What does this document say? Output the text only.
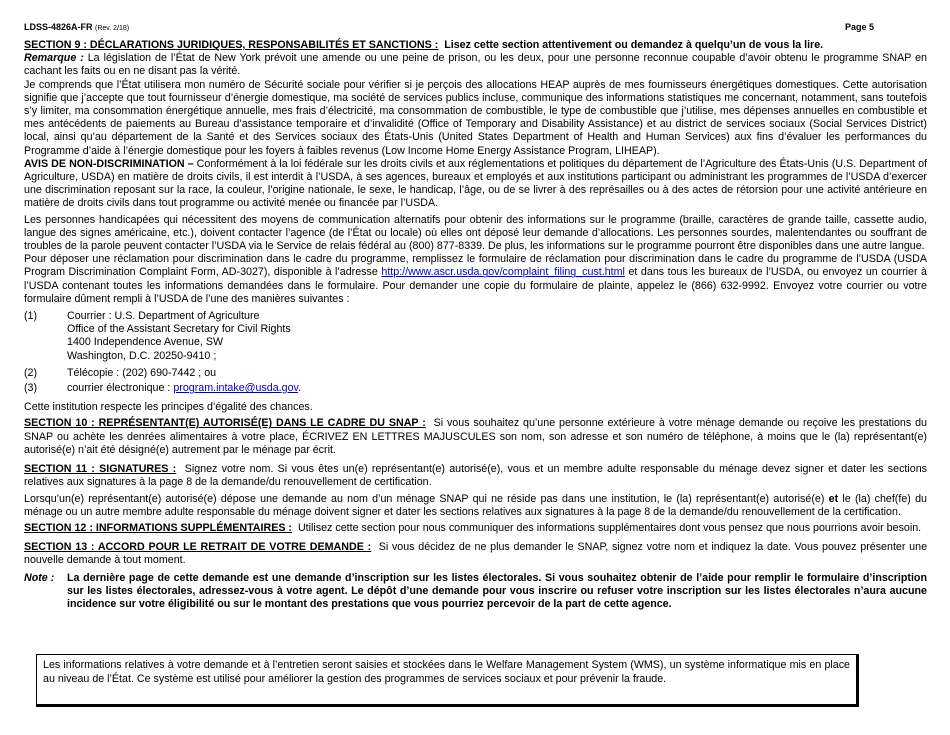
LDSS-4826A-FR (Rev. 2/18)	Page 5

SECTION 9 : DÉCLARATIONS JURIDIQUES, RESPONSABILITÉS ET SANCTIONS : Lisez cette section attentivement ou demandez à quelqu’un de vous la lire.

Remarque : La législation de l’État de New York prévoit une amende ou une peine de prison, ou les deux, pour une personne reconnue coupable d’avoir obtenu le programme SNAP en cachant les faits ou en ne disant pas la vérité.

Je comprends que l’État utilisera mon numéro de Sécurité sociale pour vérifier si je perçois des allocations HEAP auprès de mes fournisseurs énergétiques domestiques. Cette autorisation signifie que j’accepte que tout fournisseur d’énergie domestique, ma société de services publics incluse, communique des informations statistiques me concernant, notamment, sans toutefois s’y limiter, ma consommation énergétique annuelle, mes frais d’électricité, ma consommation de combustible, le type de combustible que j’utilise, mes dépenses annuelles en combustible et mes antécédents de paiements au Bureau d’assistance temporaire et d’invalidité (Office of Temporary and Disability Assistance) et au district de services sociaux (Social Services District) local, ainsi qu’au département de la Santé et des Services sociaux des États-Unis (United States Department of Health and Human Services) aux fins d’évaluer les performances du Programme d’aide à l’énergie domestique pour les foyers à faibles revenus (Low Income Home Energy Assistance Program, LIHEAP).

AVIS DE NON-DISCRIMINATION – Conformément à la loi fédérale sur les droits civils et aux réglementations et politiques du département de l’Agriculture des États-Unis (U.S. Department of Agriculture, USDA) en matière de droits civils, il est interdit à l’USDA, à ses agences, bureaux et employés et aux institutions participant ou administrant les programmes de l’USDA d’exercer une discrimination reposant sur la race, la couleur, l’origine nationale, le sexe, le handicap, l’âge, ou de se livrer à des représailles ou à des actes de rétorsion pour une activité antérieure en matière de droits civils dans tout programme ou activité menée ou financée par l’USDA.

Les personnes handicapées qui nécessitent des moyens de communication alternatifs pour obtenir des informations sur le programme (braille, caractères de grande taille, cassette audio, langue des signes américaine, etc.), doivent contacter l’agence (de l’État ou locale) où elles ont déposé leur demande d’allocations. Les personnes sourdes, malentendantes ou souffrant de troubles de la parole peuvent contacter l’USDA via le Service de relais fédéral au (800) 877-8339. De plus, les informations sur le programme pourront être disponibles dans une autre langue.

Pour déposer une réclamation pour discrimination dans le cadre du programme, remplissez le formulaire de réclamation pour discrimination dans le cadre du programme de l’USDA (USDA Program Discrimination Complaint Form, AD-3027), disponible à l’adresse http://www.ascr.usda.gov/complaint_filing_cust.html et dans tous les bureaux de l’USDA, ou envoyez un courrier à l’USDA contenant toutes les informations demandées dans le formulaire. Pour demander une copie du formulaire de plainte, appelez le (866) 632-9992. Envoyez votre courrier ou votre formulaire dûment rempli à l’USDA de l’une des manières suivantes :

(1)	Courrier : U.S. Department of Agriculture
Office of the Assistant Secretary for Civil Rights
1400 Independence Avenue, SW
Washington, D.C. 20250-9410 ;
(2)	Télécopie : (202) 690-7442 ; ou
(3)	courrier électronique : program.intake@usda.gov.

Cette institution respecte les principes d’égalité des chances.

SECTION 10 : REPRÉSENTANT(E) AUTORISÉ(E) DANS LE CADRE DU SNAP : Si vous souhaitez qu’une personne extérieure à votre ménage demande ou reçoive les prestations du SNAP ou achète les denrées alimentaires à votre place, ÉCRIVEZ EN LETTRES MAJUSCULES son nom, son adresse et son numéro de téléphone, à moins que le (la) représentant(e) autorisé(e) n’ait été désigné(e) autrement par le ménage par écrit.

SECTION 11 : SIGNATURES : Signez votre nom. Si vous êtes un(e) représentant(e) autorisé(e), vous et un membre adulte responsable du ménage devez signer et dater les sections relatives aux signatures à la page 8 de la demande/du renouvellement de certification.

Lorsqu’un(e) représentant(e) autorisé(e) dépose une demande au nom d’un ménage SNAP qui ne réside pas dans une institution, le (la) représentant(e) autorisé(e) et le (la) chef(fe) du ménage ou un autre membre adulte responsable du ménage doivent signer et dater les sections relatives aux signatures à la page 8 de la demande/du renouvellement de la certification.

SECTION 12 : INFORMATIONS SUPPLÉMENTAIRES : Utilisez cette section pour nous communiquer des informations supplémentaires dont vous pensez que nous pourrions avoir besoin.

SECTION 13 : ACCORD POUR LE RETRAIT DE VOTRE DEMANDE : Si vous décidez de ne plus demander le SNAP, signez votre nom et indiquez la date. Vous pouvez présenter une nouvelle demande à tout moment.

Note :	La dernière page de cette demande est une demande d’inscription sur les listes électorales. Si vous souhaitez obtenir de l’aide pour remplir le formulaire d’inscription sur les listes électorales, adressez-vous à votre agent. Le dépôt d’une demande pour vous inscrire ou refuser votre inscription sur les listes électorales n’aura aucune incidence sur votre éligibilité ou sur le montant des prestations que vous pourriez percevoir de la part de cette agence.

Les informations relatives à votre demande et à l’entretien seront saisies et stockées dans le Welfare Management System (WMS), un système informatique mis en place au niveau de l’État. Ce système est utilisé pour améliorer la gestion des programmes de services sociaux et pour prévenir la fraude.
